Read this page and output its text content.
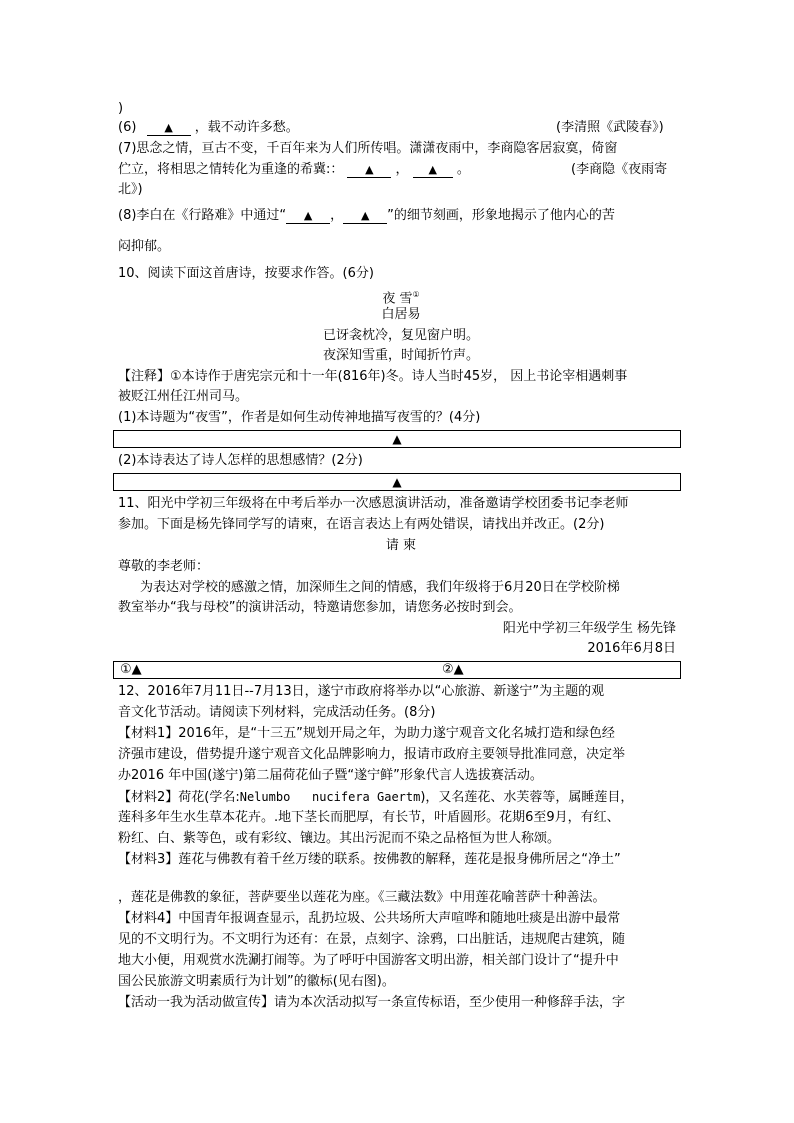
)
(6)	▲ ，载不动许多愁。	(李清照《武陵春》)
(7)思念之情，亘古不变，千百年来为人们所传唱。潇潇夜雨中，李商隐客居寂寞，倚窗
伫立，将相思之情转化为重逢的希冀:： ▲ ， ▲ 。	(李商隐《夜雨寄
北》)
(8)李白在《行路难》中通过“ ▲ ， ▲ ”的细节刻画，形象地揭示了他内心的苦
闷抑郁。
10、阅读下面这首唐诗，按要求作答。(6分)
夜 雪①
白居易
已讶衾枕冷，复见窗户明。
夜深知雪重，时闻折竹声。
【注释】①本诗作于唐宪宗元和十一年(816年)冬。诗人当时45岁， 因上书论宰相遇刺事
被贬江州任江州司马。
(1)本诗题为“夜雪”，作者是如何生动传神地描写夜雪的？(4分)
▲
(2)本诗表达了诗人怎样的思想感情？(2分)
▲
11、阳光中学初三年级将在中考后举办一次感恩演讲活动，准备邀请学校团委书记李老师
参加。下面是杨先锋同学写的请柬，在语言表达上有两处错误，请找出并改正。(2分)
请 柬
尊敬的李老师：
为表达对学校的感激之情，加深师生之间的情感，我们年级将于6月20日在学校阶梯
教室举办“我与母校”的演讲活动，特邀请您参加，请您务必按时到会。
阳光中学初三年级学生 杨先锋
2016年6月8日
①▲	②▲
12、2016年7月11日--7月13日，遂宁市政府将举办以“心旅游、新遂宁”为主题的观
音文化节活动。请阅读下列材料，完成活动任务。(8分)
【材料1】2016年，是“十三五”规划开局之年，为助力遂宁观音文化名城打造和绿色经
济强市建设，借势提升遂宁观音文化品牌影响力，报请市政府主要领导批准同意，决定举
办2016 年中国(遂宁)第二届荷花仙子暨“遂宁鲜”形象代言人选拔赛活动。
【材料2】荷花(学名:Nelumbo   nucifera Gaertm)，又名莲花、水芙蓉等，属睡莲目，
莲科多年生水生草本花卉。.地下茎长而肥厚，有长节，叶盾圆形。花期6至9月，有红、
粉红、白、紫等色，或有彩纹、镶边。其出污泥而不染之品格恒为世人称颂。
【材料3】莲花与佛教有着千丝万缕的联系。按佛教的解释，莲花是报身佛所居之“净土”
，莲花是佛教的象征，菩萨要坐以莲花为座。《三藏法数》中用莲花喻菩萨十种善法。
【材料4】中国青年报调查显示，乱扔垃圾、公共场所大声喧哗和随地吐痰是出游中最常
见的不文明行为。不文明行为还有：在景，点刻字、涂鸦，口出脏话，违规爬古建筑，随
地大小便，用观赏水洗涮打闹等。为了呼吁中国游客文明出游，相关部门设计了“提升中
国公民旅游文明素质行为计划”的徽标(见右图)。
【活动一我为活动做宣传】请为本次活动拟写一条宣传标语，至少使用一种修辞手法，字
